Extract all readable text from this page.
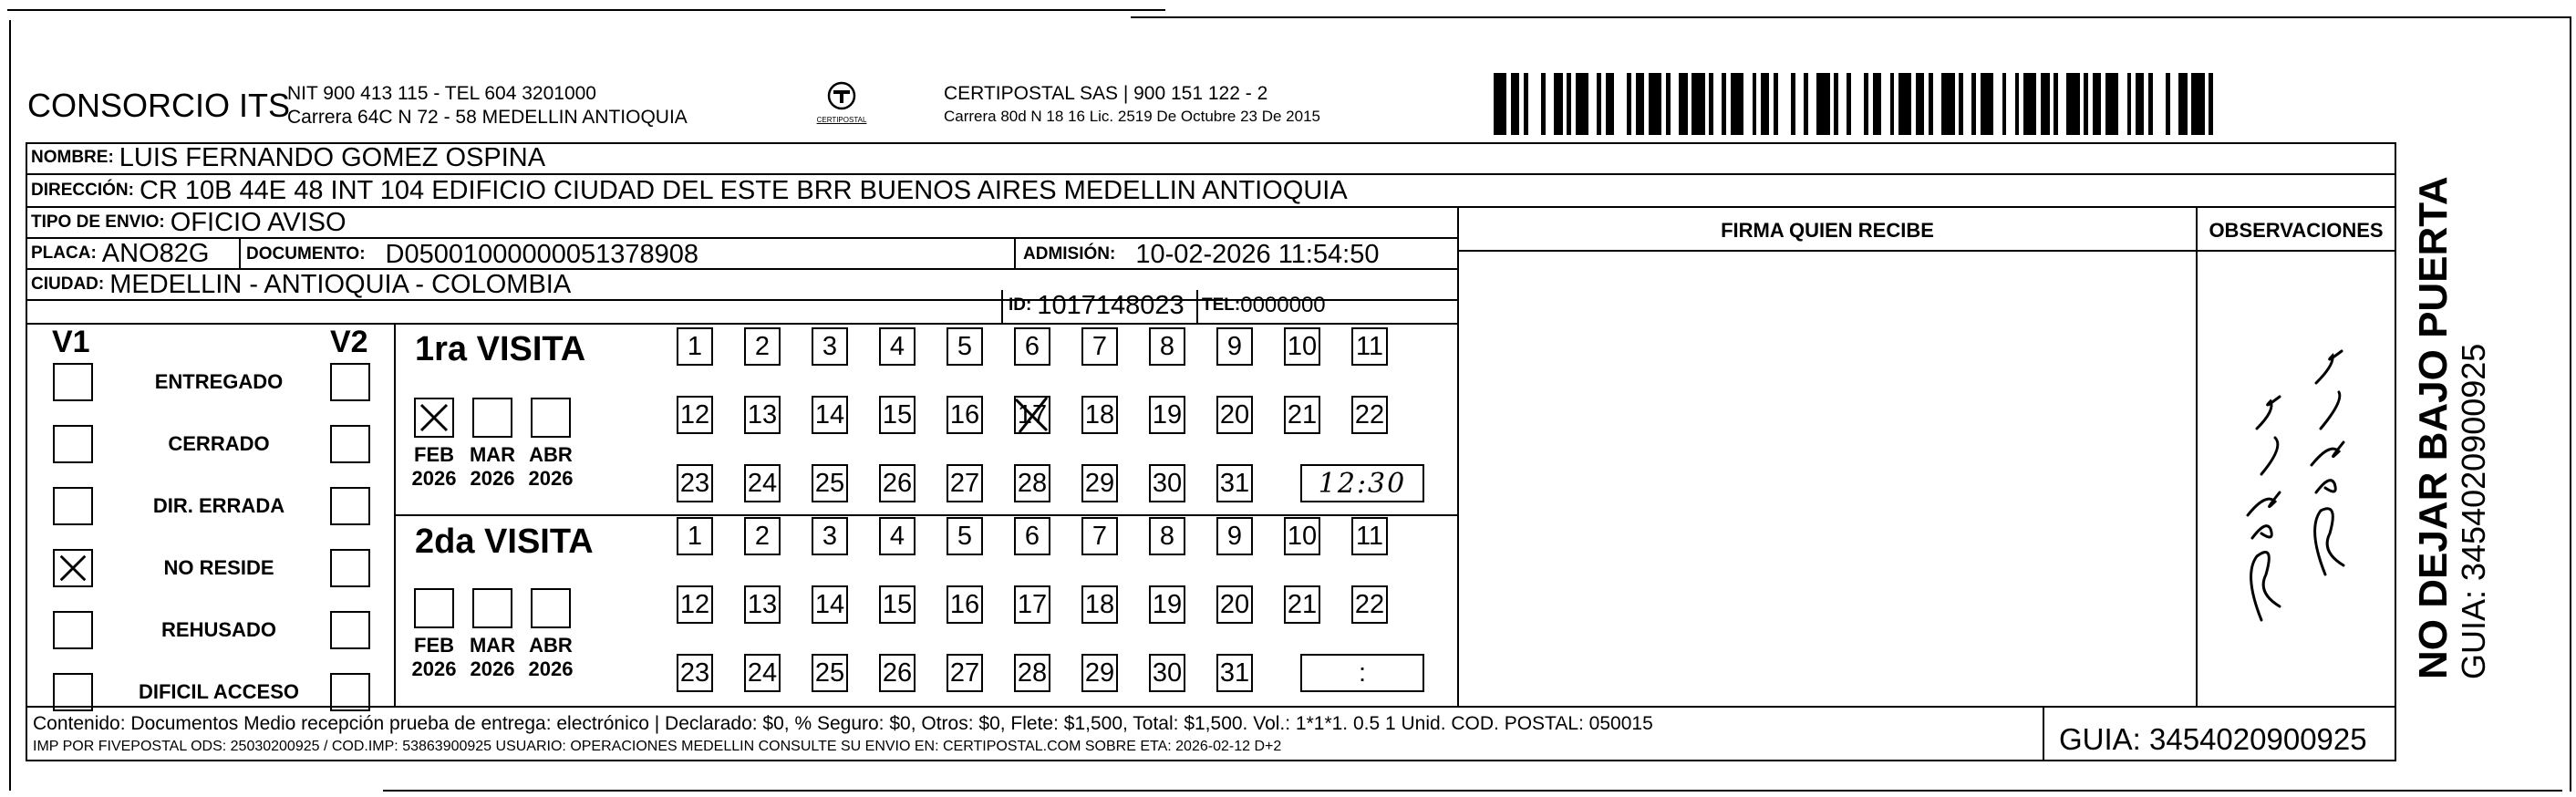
CONSORCIO ITS
NIT 900 413 115 - TEL 604 3201000
Carrera 64C N 72 - 58 MEDELLIN ANTIOQUIA	CERTIPOSTAL
CERTIPOSTAL SAS | 900 151 122 - 2
Carrera 80d N 18 16 Lic. 2519 De Octubre 23 De 2015
NOMBRE: LUIS FERNANDO GOMEZ OSPINA
DIRECCIÓN: CR 10B 44E 48 INT 104 EDIFICIO CIUDAD DEL ESTE BRR BUENOS AIRES MEDELLIN ANTIOQUIA
TIPO DE ENVIO: OFICIO AVISO
PLACA: ANO82G DOCUMENTO: D05001000000051378908	ADMISIÓN: 10-02-2026 11:54:50
CIUDAD: MEDELLIN - ANTIOQUIA - COLOMBIA
ID: 1017148023 TEL: 0000000
FIRMA QUIEN RECIBE	OBSERVACIONES
V1	V2
ENTREGADO
CERRADO
DIR. ERRADA
NO RESIDE
REHUSADO
DIFICIL ACCESO
1ra VISITA
FEB
2026
MAR
2026
ABR
2026
1 2 3 4 5 6 7 8 9 10 11
12 13 14 15 16 17 18 19 20 21 22
23 24 25 26 27 28 29 30 31	12:30
2da VISITA
FEB
2026
MAR
2026
ABR
2026
1 2 3 4 5 6 7 8 9 10 11
12 13 14 15 16 17 18 19 20 21 22
23 24 25 26 27 28 29 30 31	:
Contenido: Documentos Medio recepción prueba de entrega: electrónico | Declarado: $0, % Seguro: $0, Otros: $0, Flete: $1,500, Total: $1,500. Vol.: 1*1*1. 0.5 1 Unid. COD. POSTAL: 050015
IMP POR FIVEPOSTAL ODS: 25030200925 / COD.IMP: 53863900925 USUARIO: OPERACIONES MEDELLIN CONSULTE SU ENVIO EN: CERTIPOSTAL.COM SOBRE ETA: 2026-02-12 D+2	GUIA: 3454020900925
NO DEJAR BAJO PUERTA GUIA: 3454020900925
